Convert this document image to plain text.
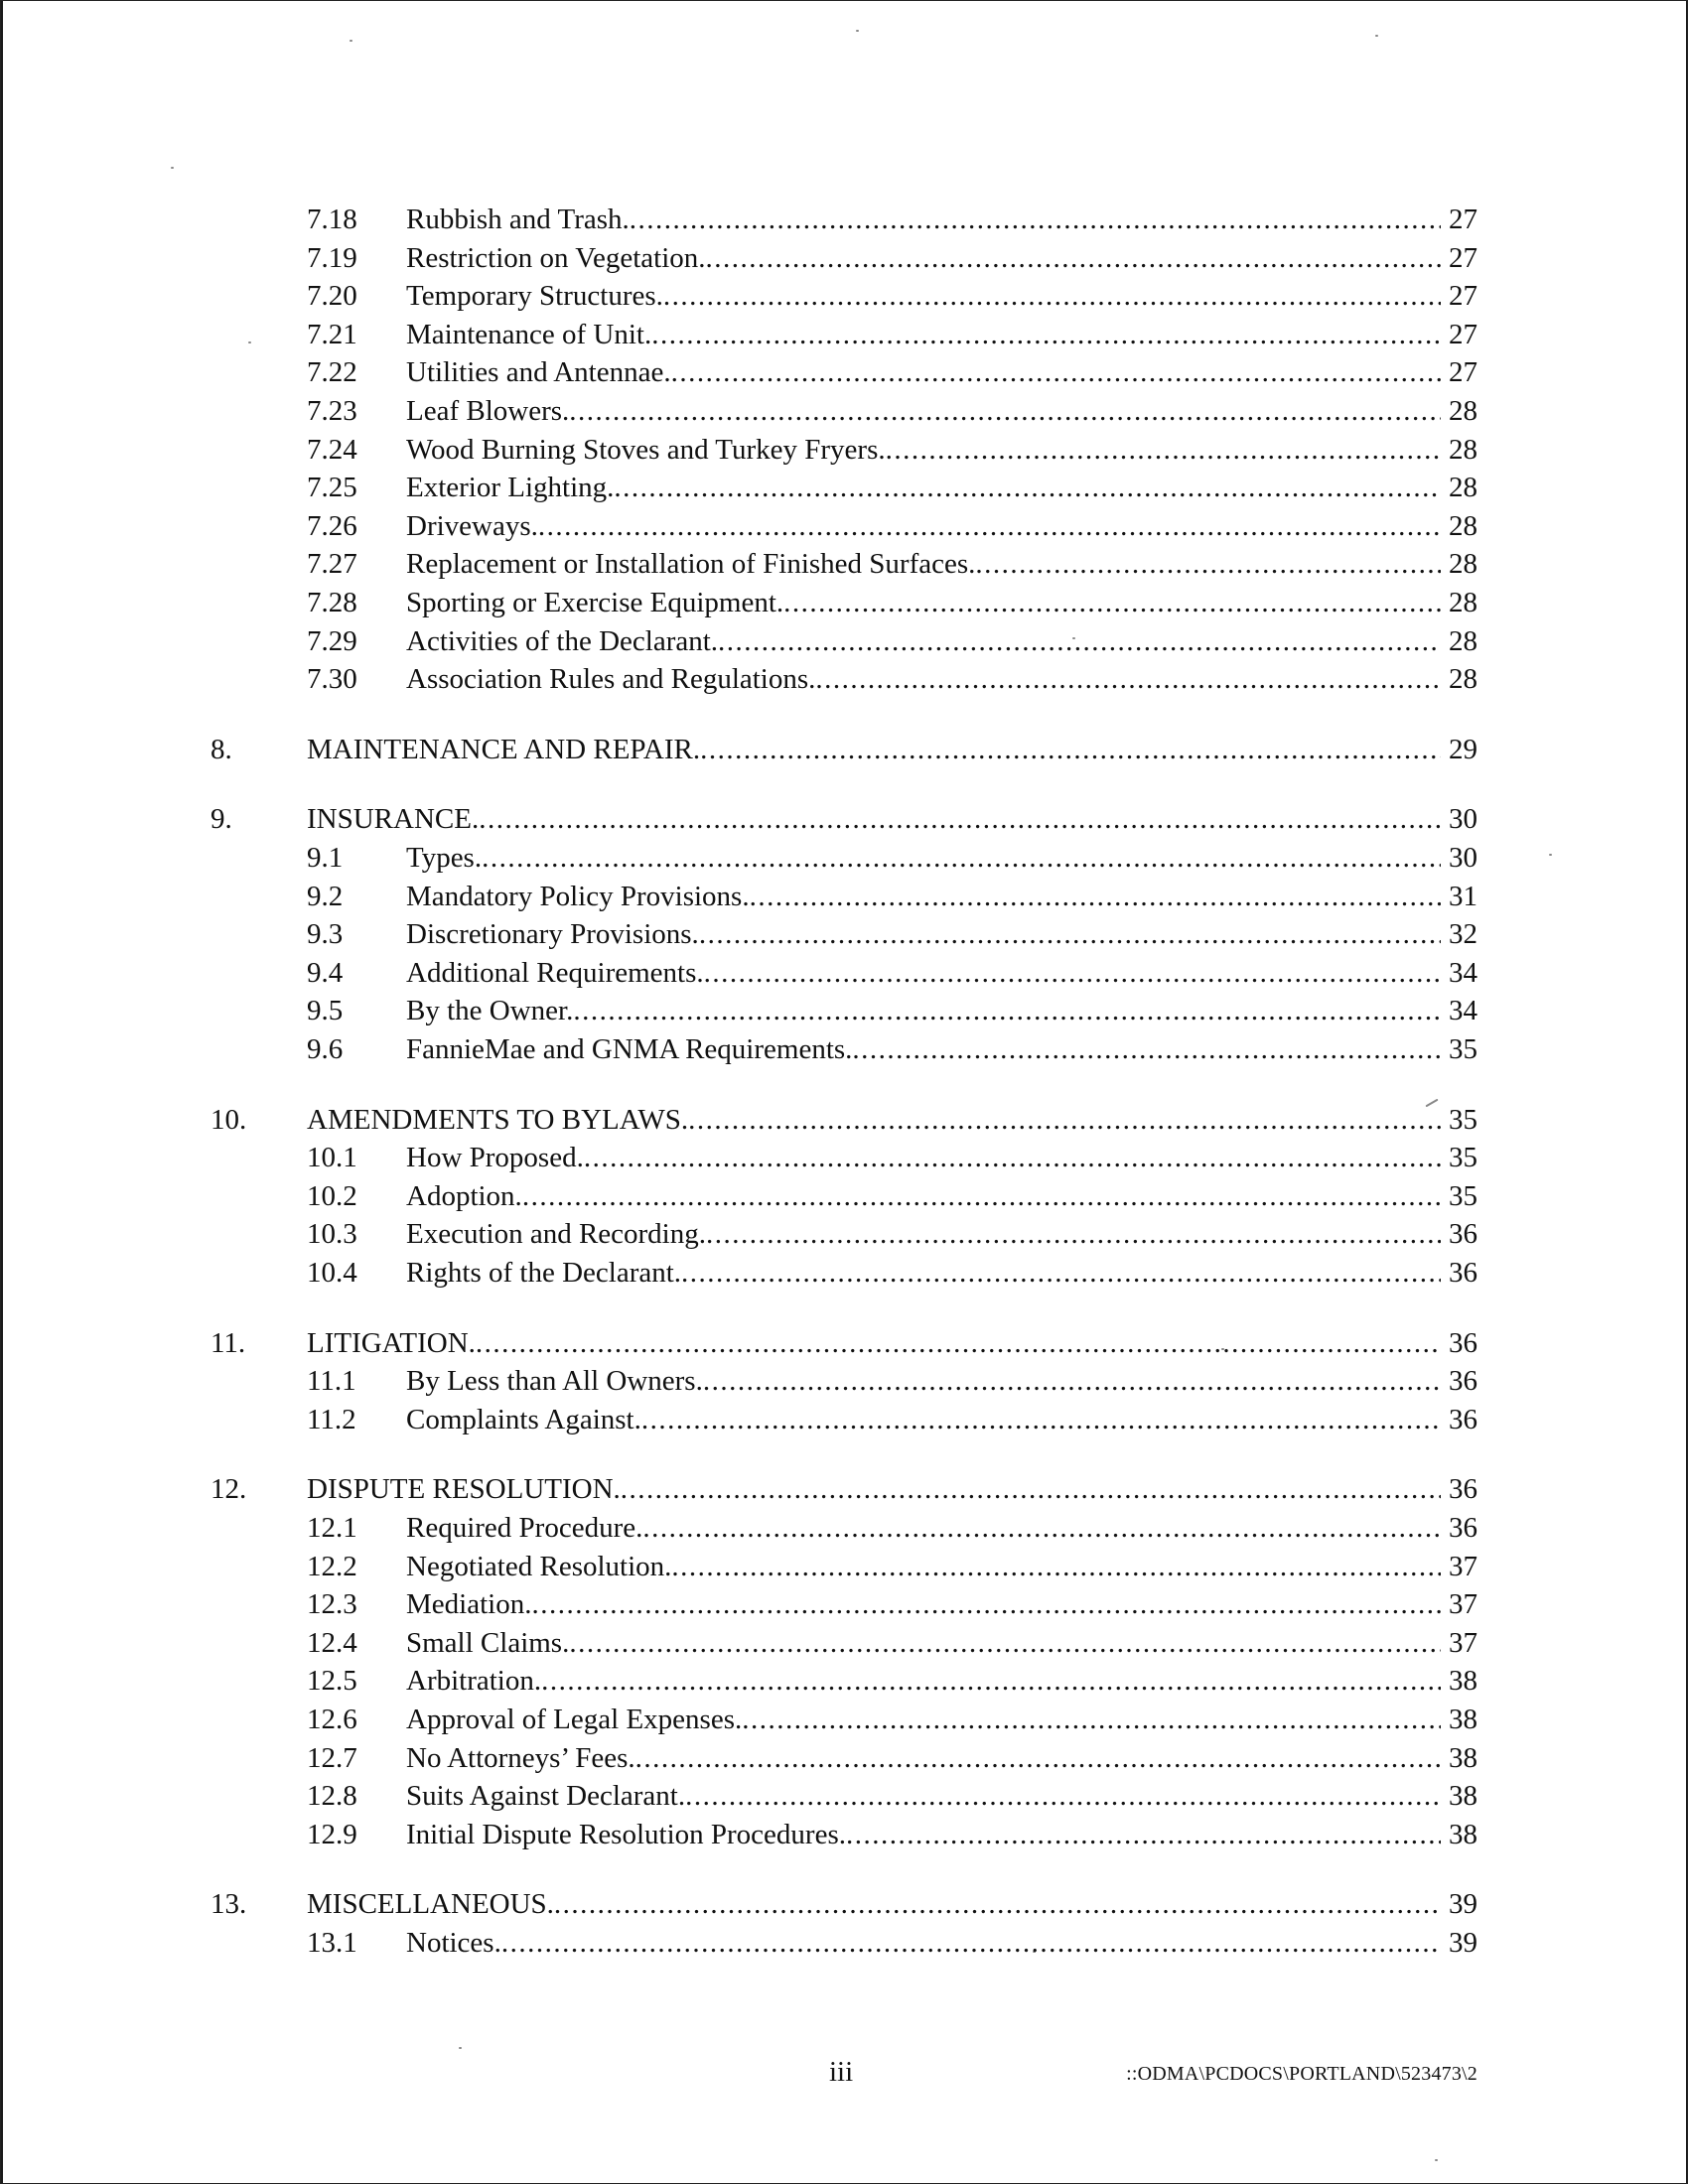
7.18 Rubbish and Trash. .....	27
7.19 Restriction on Vegetation. .....	27
7.20 Temporary Structures. .....	27
7.21 Maintenance of Unit. .....	27
7.22 Utilities and Antennae. .....	27
7.23 Leaf Blowers. .....	28
7.24 Wood Burning Stoves and Turkey Fryers. .....	28
7.25 Exterior Lighting. .....	28
7.26 Driveways. .....	28
7.27 Replacement or Installation of Finished Surfaces. .....	28
7.28 Sporting or Exercise Equipment. .....	28
7.29 Activities of the Declarant. .....	28
7.30 Association Rules and Regulations. .....	28
8.	MAINTENANCE AND REPAIR. .....	29
9.	INSURANCE. .....	30
9.1 Types. .....	30
9.2 Mandatory Policy Provisions. .....	31
9.3 Discretionary Provisions. .....	32
9.4 Additional Requirements. .....	34
9.5 By the Owner. .....	34
9.6 FannieMae and GNMA Requirements. .....	35
10. AMENDMENTS TO BYLAWS. .....	35
10.1 How Proposed. .....	35
10.2 Adoption. .....	35
10.3 Execution and Recording. .....	36
10.4 Rights of the Declarant. .....	36
11. LITIGATION. .....	36
11.1 By Less than All Owners. .....	36
11.2 Complaints Against. .....	36
12. DISPUTE RESOLUTION. .....	36
12.1 Required Procedure. .....	36
12.2 Negotiated Resolution. .....	37
12.3 Mediation. .....	37
12.4 Small Claims. .....	37
12.5 Arbitration. .....	38
12.6 Approval of Legal Expenses. .....	38
12.7 No Attorneys’ Fees. .....	38
12.8 Suits Against Declarant. .....	38
12.9 Initial Dispute Resolution Procedures. .....	38
13. MISCELLANEOUS. .....	39
13.1 Notices. .....	39
iii	::ODMA\PCDOCS\PORTLAND\523473\2
